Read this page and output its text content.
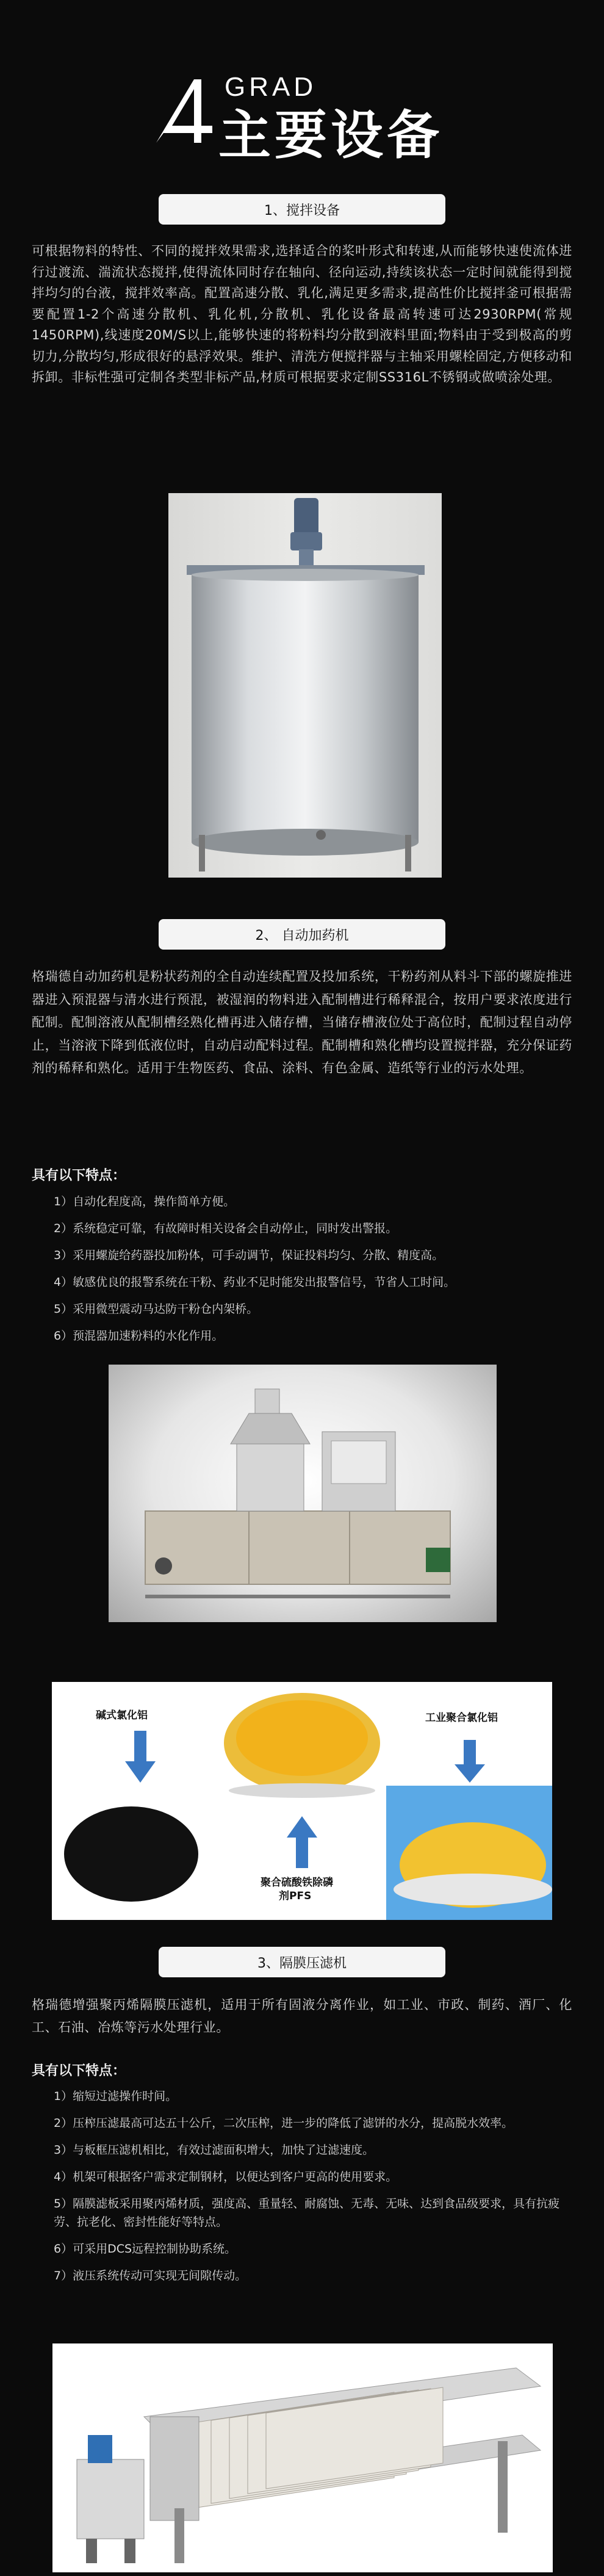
GRAD
主要设备
1、搅拌设备
可根据物料的特性、不同的搅拌效果需求,选择适合的桨叶形式和转速,从而能够快速使流体进行过渡流、湍流状态搅拌,使得流体同时存在轴向、径向运动,持续该状态一定时间就能得到搅拌均匀的台液，搅拌效率高。配置高速分散、乳化,满足更多需求,提高性价比搅拌釜可根据需要配置1-2个高速分散机、乳化机,分散机、乳化设备最高转速可达2930RPM(常规1450RPM),线速度20M/S以上,能够快速的将粉料均分散到液料里面;物料由于受到极高的剪切力,分散均匀,形成很好的悬浮效果。维护、清洗方便搅拌器与主轴采用螺栓固定,方便移动和拆卸。非标性强可定制各类型非标产品,材质可根据要求定制SS316L不锈钢或做喷涂处理。
2、 自动加药机
格瑞德自动加药机是粉状药剂的全自动连续配置及投加系统，干粉药剂从料斗下部的螺旋推进器进入预混器与清水进行预混，被湿润的物料进入配制槽进行稀释混合，按用户要求浓度进行配制。配制溶液从配制槽经熟化槽再进入储存槽，当储存槽液位处于高位时，配制过程自动停止，当溶液下降到低液位时，自动启动配料过程。配制槽和熟化槽均设置搅拌器，充分保证药剂的稀释和熟化。适用于生物医药、食品、涂料、有色金属、造纸等行业的污水处理。
具有以下特点：
1）自动化程度高，操作简单方便。
2）系统稳定可靠，有故障时相关设备会自动停止，同时发出警报。
3）采用螺旋给药器投加粉体，可手动调节，保证投料均匀、分散、精度高。
4）敏感优良的报警系统在干粉、药业不足时能发出报警信号，节省人工时间。
5）采用微型震动马达防干粉仓内架桥。
6）预混器加速粉料的水化作用。
碱式氯化铝	工业聚合氯化铝
聚合硫酸铁除磷
剂PFS
3、隔膜压滤机
格瑞德增强聚丙烯隔膜压滤机，适用于所有固液分离作业，如工业、市政、制药、酒厂、化工、石油、冶炼等污水处理行业。
具有以下特点：
1）缩短过滤操作时间。
2）压榨压滤最高可达五十公斤，二次压榨，进一步的降低了滤饼的水分，提高脱水效率。
3）与板框压滤机相比，有效过滤面积增大，加快了过滤速度。
4）机架可根据客户需求定制钢材，以便达到客户更高的使用要求。
5）隔膜滤板采用聚丙烯材质，强度高、重量轻、耐腐蚀、无毒、无味、达到食品级要求，具有抗疲劳、抗老化、密封性能好等特点。
6）可采用DCS远程控制协助系统。
7）液压系统传动可实现无间隙传动。
